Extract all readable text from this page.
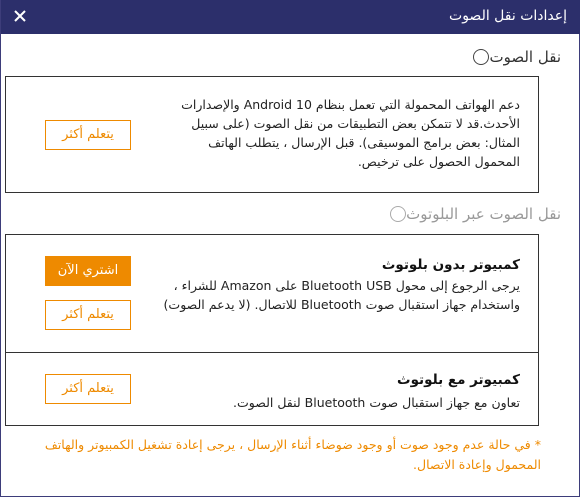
إعدادات نقل الصوت
نقل الصوت
دعم الهواتف المحمولة التي تعمل بنظام Android 10 والإصدارات الأحدث.قد لا تتمكن بعض التطبيقات من نقل الصوت (على سبيل المثال: بعض برامج الموسيقى). قبل الإرسال ، يتطلب الهاتف المحمول الحصول على ترخيص.
يتعلم أكثر
نقل الصوت عبر البلوتوث
كمبيوتر بدون بلوتوث
يرجى الرجوع إلى محول Bluetooth USB على Amazon للشراء ، واستخدام جهاز استقبال صوت Bluetooth للاتصال. (لا يدعم الصوت)
اشتري الآن
يتعلم أكثر
كمبيوتر مع بلوتوث
تعاون مع جهاز استقبال صوت Bluetooth لنقل الصوت.
يتعلم أكثر
* في حالة عدم وجود صوت أو وجود ضوضاء أثناء الإرسال ، يرجى إعادة تشغيل الكمبيوتر والهاتف المحمول وإعادة الاتصال.
